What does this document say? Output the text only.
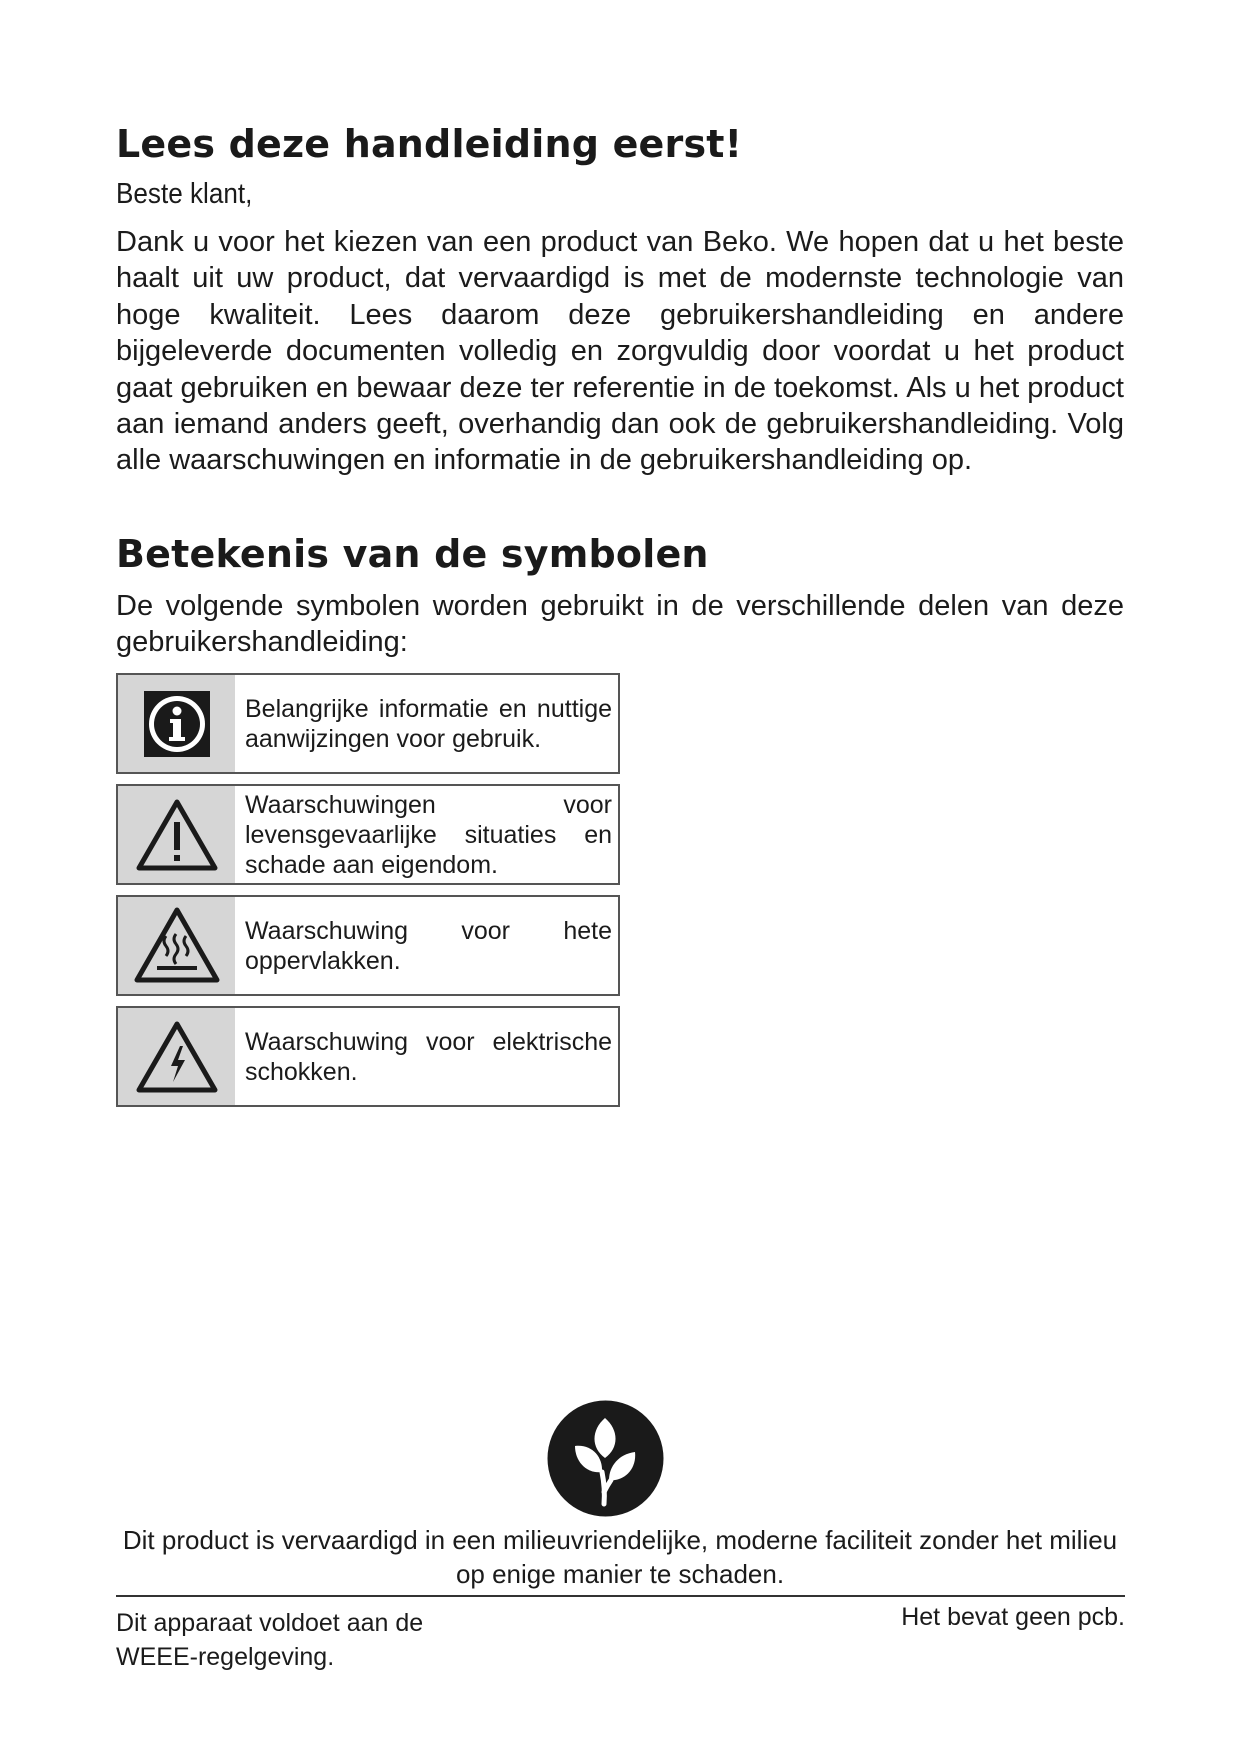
Lees deze handleiding eerst!

Beste klant,

Dank u voor het kiezen van een product van Beko. We hopen dat u het beste haalt uit uw product, dat vervaardigd is met de modernste technologie van hoge kwaliteit. Lees daarom deze gebruikershandleiding en andere bijgeleverde documenten volledig en zorgvuldig door voordat u het product gaat gebruiken en bewaar deze ter referentie in de toekomst. Als u het product aan iemand anders geeft, overhandig dan ook de gebruikershandleiding. Volg alle waarschuwingen en informatie in de gebruikershandleiding op.

Betekenis van de symbolen

De volgende symbolen worden gebruikt in de verschillende delen van deze gebruikershandleiding:

Belangrijke informatie en nuttige aanwijzingen voor gebruik.
Waarschuwingen voor levensgevaarlijke situaties en schade aan eigendom.
Waarschuwing voor hete oppervlakken.
Waarschuwing voor elektrische schokken.

Dit product is vervaardigd in een milieuvriendelijke, moderne faciliteit zonder het milieu op enige manier te schaden.

Dit apparaat voldoet aan de WEEE-regelgeving.

Het bevat geen pcb.
